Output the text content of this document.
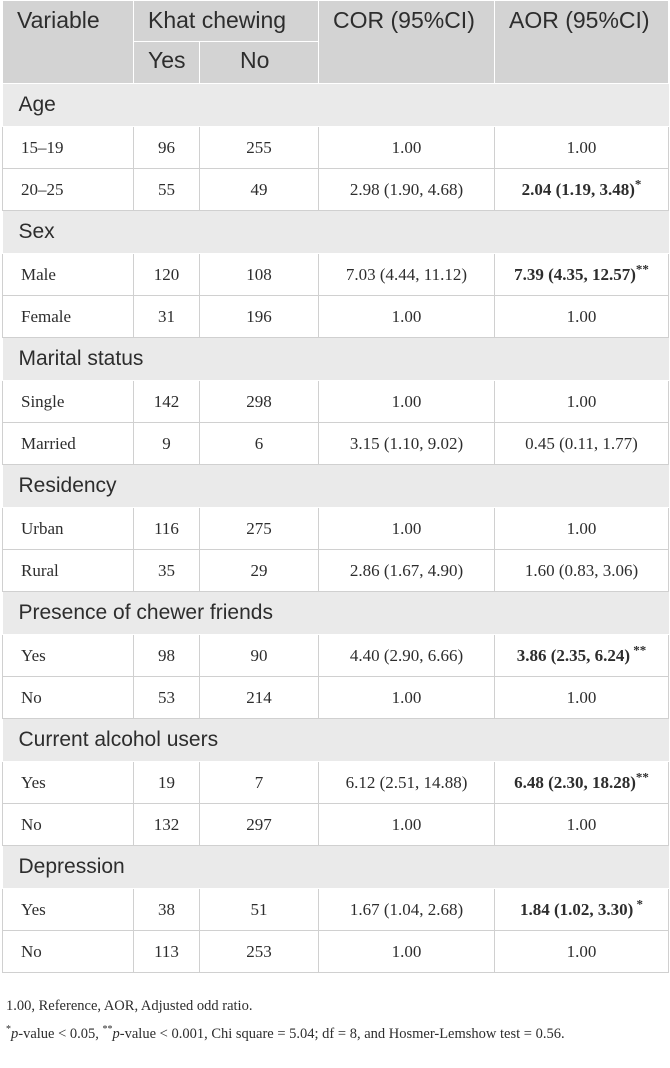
Variable	Khat chewing		COR (95%CI)	AOR (95%CI)
	Yes	No		
Age				
15–19	96	255	1.00	1.00
20–25	55	49	2.98 (1.90, 4.68)	2.04 (1.19, 3.48)*
Sex				
Male	120	108	7.03 (4.44, 11.12)	7.39 (4.35, 12.57)**
Female	31	196	1.00	1.00
Marital status				
Single	142	298	1.00	1.00
Married	9	6	3.15 (1.10, 9.02)	0.45 (0.11, 1.77)
Residency				
Urban	116	275	1.00	1.00
Rural	35	29	2.86 (1.67, 4.90)	1.60 (0.83, 3.06)
Presence of chewer friends				
Yes	98	90	4.40 (2.90, 6.66)	3.86 (2.35, 6.24) **
No	53	214	1.00	1.00
Current alcohol users				
Yes	19	7	6.12 (2.51, 14.88)	6.48 (2.30, 18.28)**
No	132	297	1.00	1.00
Depression				
Yes	38	51	1.67 (1.04, 2.68)	1.84 (1.02, 3.30) *
No	113	253	1.00	1.00
1.00, Reference, AOR, Adjusted odd ratio.
*p-value < 0.05, **p-value < 0.001, Chi square = 5.04; df = 8, and Hosmer-Lemshow test = 0.56.
